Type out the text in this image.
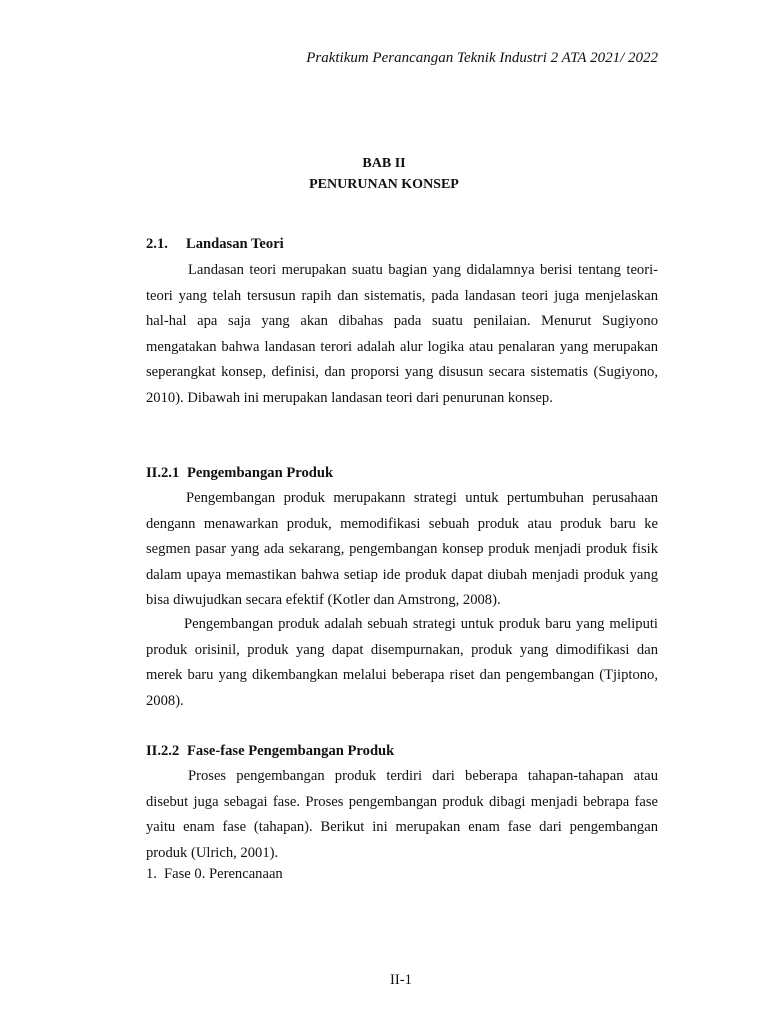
Praktikum Perancangan Teknik Industri 2 ATA 2021/ 2022
BAB II
PENURUNAN KONSEP
2.1. Landasan Teori
Landasan teori merupakan suatu bagian yang didalamnya berisi tentang teori-teori yang telah tersusun rapih dan sistematis, pada landasan teori juga menjelaskan hal-hal apa saja yang akan dibahas pada suatu penilaian. Menurut Sugiyono mengatakan bahwa landasan terori adalah alur logika atau penalaran yang merupakan seperangkat konsep, definisi, dan proporsi yang disusun secara sistematis (Sugiyono, 2010). Dibawah ini merupakan landasan teori dari penurunan konsep.
II.2.1 Pengembangan Produk
Pengembangan produk merupakann strategi untuk pertumbuhan perusahaan dengann menawarkan produk, memodifikasi sebuah produk atau produk baru ke segmen pasar yang ada sekarang, pengembangan konsep produk menjadi produk fisik dalam upaya memastikan bahwa setiap ide produk dapat diubah menjadi produk yang bisa diwujudkan secara efektif (Kotler dan Amstrong, 2008).
Pengembangan produk adalah sebuah strategi untuk produk baru yang meliputi produk orisinil, produk yang dapat disempurnakan, produk yang dimodifikasi dan merek baru yang dikembangkan melalui beberapa riset dan pengembangan (Tjiptono, 2008).
II.2.2 Fase-fase Pengembangan Produk
Proses pengembangan produk terdiri dari beberapa tahapan-tahapan atau disebut juga sebagai fase. Proses pengembangan produk dibagi menjadi bebrapa fase yaitu enam fase (tahapan). Berikut ini merupakan enam fase dari pengembangan produk (Ulrich, 2001).
1. Fase 0. Perencanaan
II-1
